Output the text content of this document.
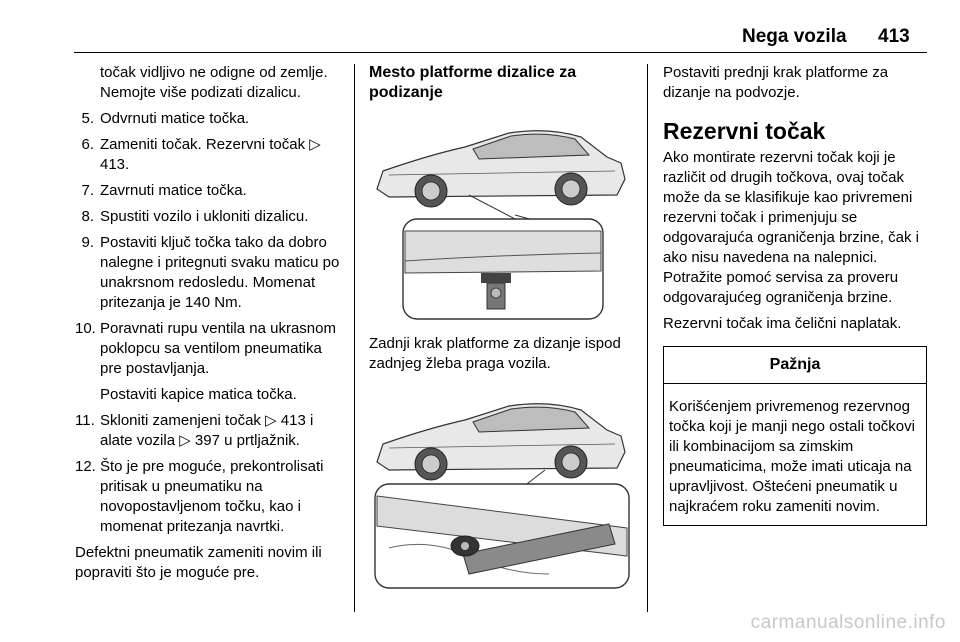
Nega vozila 413

točak vidljivo ne odigne od zemlje. Nemojte više podizati dizalicu.

5. Odvrnuti matice točka.
6. Zameniti točak. Rezervni točak ▷ 413.
7. Zavrnuti matice točka.
8. Spustiti vozilo i ukloniti dizalicu.
9. Postaviti ključ točka tako da dobro nalegne i pritegnuti svaku maticu po unakrsnom redosledu. Momenat pritezanja je 140 Nm.
10. Poravnati rupu ventila na ukrasnom poklopcu sa ventilom pneumatika pre postavljanja.

Postaviti kapice matica točka.

11. Skloniti zamenjeni točak ▷ 413 i alate vozila ▷ 397 u prtljažnik.
12. Što je pre moguće, prekontrolisati pritisak u pneumatiku na novopostavljenom točku, kao i momenat pritezanja navrtki.

Defektni pneumatik zameniti novim ili popraviti što je moguće pre.

Mesto platforme dizalice za podizanje

Zadnji krak platforme za dizanje ispod zadnjeg žleba praga vozila.

Postaviti prednji krak platforme za dizanje na podvozje.

Rezervni točak

Ako montirate rezervni točak koji je različit od drugih točkova, ovaj točak može da se klasifikuje kao privremeni rezervni točak i primenjuju se odgovarajuća ograničenja brzine, čak i ako nisu navedena na nalepnici. Potražite pomoć servisa za proveru odgovarajućeg ograničenja brzine.

Rezervni točak ima čelični naplatak.

Pažnja
Korišćenjem privremenog rezervnog točka koji je manji nego ostali točkovi ili kombinacijom sa zimskim pneumaticima, može imati uticaja na upravljivost. Oštećeni pneumatik u najkraćem roku zameniti novim.
carmanualsonline.info
